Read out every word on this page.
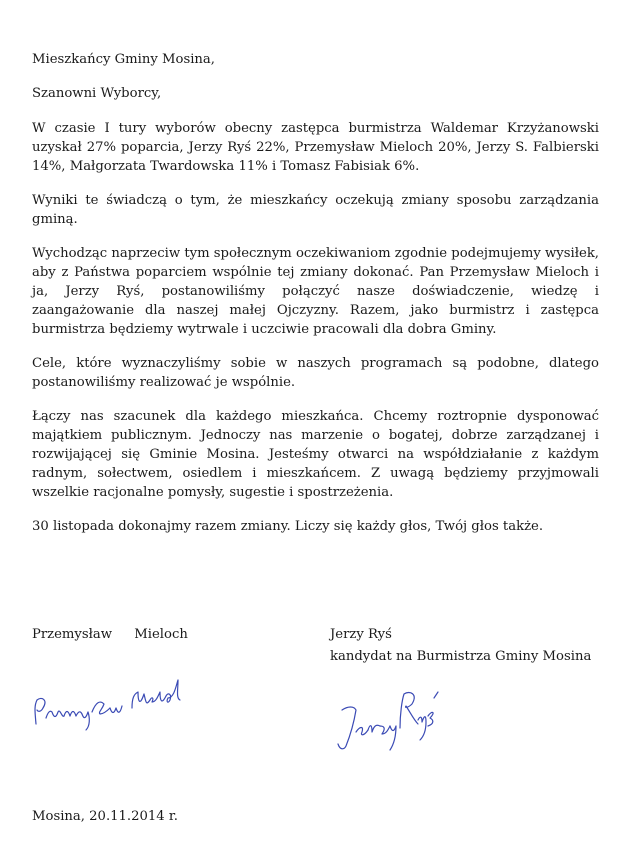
Mieszkańcy Gminy Mosina,

Szanowni Wyborcy,

W czasie I tury wyborów obecny zastępca burmistrza Waldemar Krzyżanowski uzyskał 27% poparcia, Jerzy Ryś 22%, Przemysław Mieloch 20%, Jerzy S. Falbierski 14%, Małgorzata Twardowska 11% i Tomasz Fabisiak 6%.

Wyniki te świadczą o tym, że mieszkańcy oczekują zmiany sposobu zarządzania gminą.

Wychodząc naprzeciw tym społecznym oczekiwaniom zgodnie podejmujemy wysiłek, aby z Państwa poparciem wspólnie tej zmiany dokonać. Pan Przemysław Mieloch i ja, Jerzy Ryś, postanowiliśmy połączyć nasze doświadczenie, wiedzę i zaangażowanie dla naszej małej Ojczyzny. Razem, jako burmistrz i zastępca burmistrza będziemy wytrwale i uczciwie pracowali dla dobra Gminy.

Cele, które wyznaczyliśmy sobie w naszych programach są podobne, dlatego postanowiliśmy realizować je wspólnie.

Łączy nas szacunek dla każdego mieszkańca. Chcemy roztropnie dysponować majątkiem publicznym. Jednoczy nas marzenie o bogatej, dobrze zarządzanej i rozwijającej się Gminie Mosina. Jesteśmy otwarci na współdziałanie z każdym radnym, sołectwem, osiedlem i mieszkańcem. Z uwagą będziemy przyjmowali wszelkie racjonalne pomysły, sugestie i spostrzeżenia.

30 listopada dokonajmy razem zmiany. Liczy się każdy głos, Twój głos także.

Przemysław Mieloch	Jerzy Ryś
kandydat na Burmistrza Gminy Mosina
Mosina, 20.11.2014 r.
